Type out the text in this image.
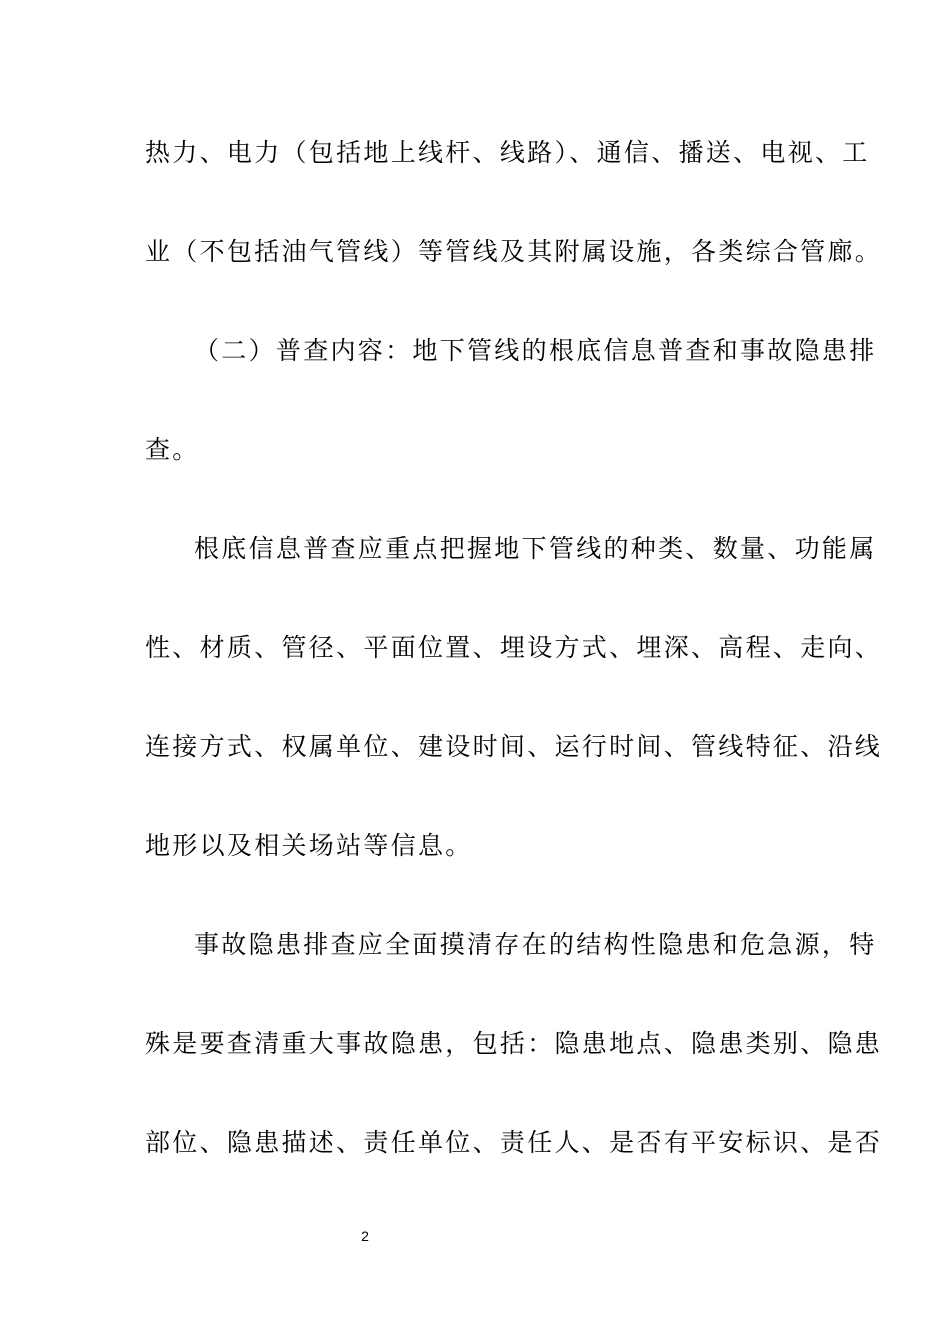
热力、电力（包括地上线杆、线路）、通信、播送、电视、工
业（不包括油气管线）等管线及其附属设施，各类综合管廊。
（二）普查内容：地下管线的根底信息普查和事故隐患排
查。
根底信息普查应重点把握地下管线的种类、数量、功能属
性、材质、管径、平面位置、埋设方式、埋深、高程、走向、
连接方式、权属单位、建设时间、运行时间、管线特征、沿线
地形以及相关场站等信息。
事故隐患排查应全面摸清存在的结构性隐患和危急源，特
殊是要查清重大事故隐患，包括：隐患地点、隐患类别、隐患
部位、隐患描述、责任单位、责任人、是否有平安标识、是否
2
